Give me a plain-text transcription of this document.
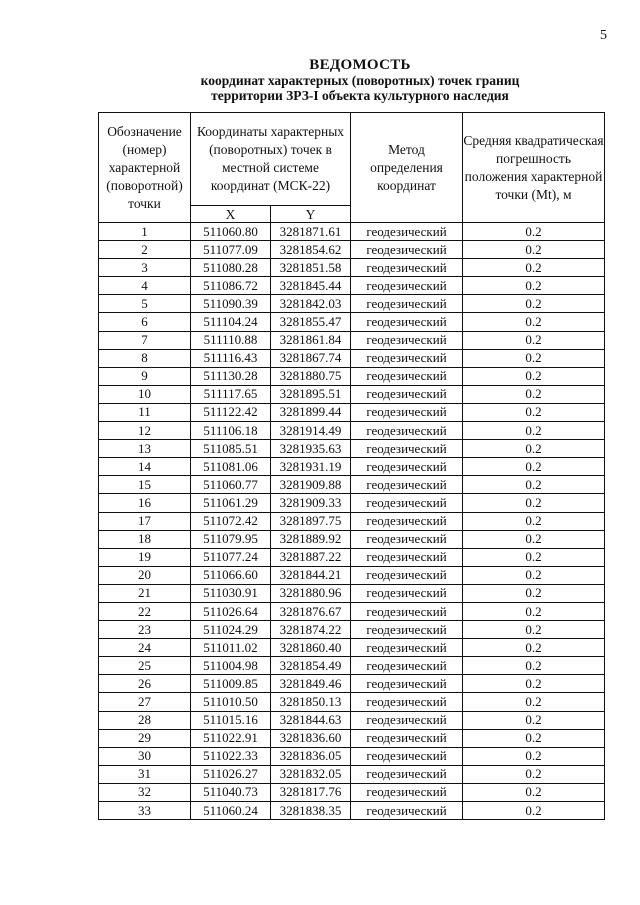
5
ВЕДОМОСТЬ
координат характерных (поворотных) точек границ
территории ЗРЗ-I объекта культурного наследия
Обозначение (номер) характерной (поворотной) точки	Координаты характерных (поворотных) точек в местной системе координат (МСК-22)		Метод определения координат	Средняя квадратическая погрешность положения характерной точки (Mt), м
	X	Y		
1	511060.80	3281871.61	геодезический	0.2
2	511077.09	3281854.62	геодезический	0.2
3	511080.28	3281851.58	геодезический	0.2
4	511086.72	3281845.44	геодезический	0.2
5	511090.39	3281842.03	геодезический	0.2
6	511104.24	3281855.47	геодезический	0.2
7	511110.88	3281861.84	геодезический	0.2
8	511116.43	3281867.74	геодезический	0.2
9	511130.28	3281880.75	геодезический	0.2
10	511117.65	3281895.51	геодезический	0.2
11	511122.42	3281899.44	геодезический	0.2
12	511106.18	3281914.49	геодезический	0.2
13	511085.51	3281935.63	геодезический	0.2
14	511081.06	3281931.19	геодезический	0.2
15	511060.77	3281909.88	геодезический	0.2
16	511061.29	3281909.33	геодезический	0.2
17	511072.42	3281897.75	геодезический	0.2
18	511079.95	3281889.92	геодезический	0.2
19	511077.24	3281887.22	геодезический	0.2
20	511066.60	3281844.21	геодезический	0.2
21	511030.91	3281880.96	геодезический	0.2
22	511026.64	3281876.67	геодезический	0.2
23	511024.29	3281874.22	геодезический	0.2
24	511011.02	3281860.40	геодезический	0.2
25	511004.98	3281854.49	геодезический	0.2
26	511009.85	3281849.46	геодезический	0.2
27	511010.50	3281850.13	геодезический	0.2
28	511015.16	3281844.63	геодезический	0.2
29	511022.91	3281836.60	геодезический	0.2
30	511022.33	3281836.05	геодезический	0.2
31	511026.27	3281832.05	геодезический	0.2
32	511040.73	3281817.76	геодезический	0.2
33	511060.24	3281838.35	геодезический	0.2
